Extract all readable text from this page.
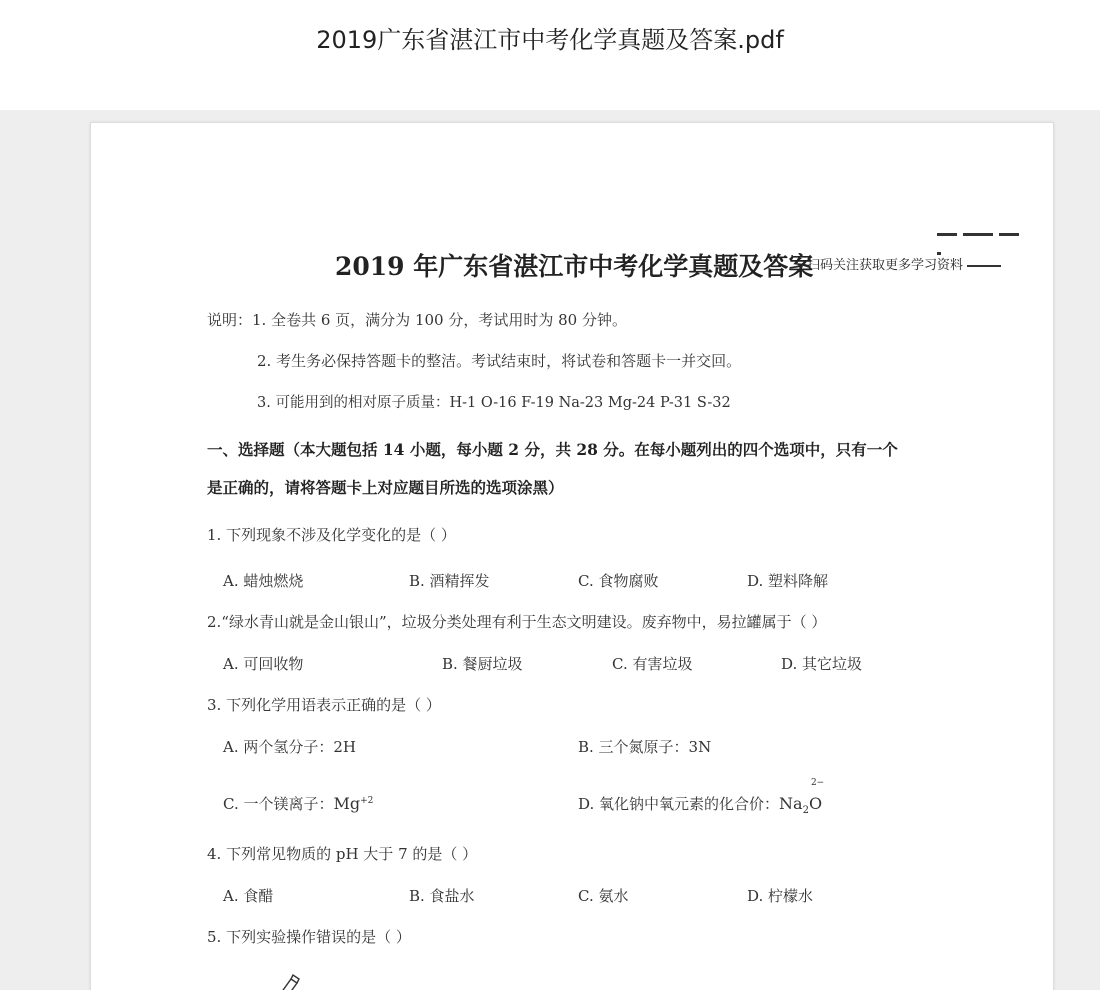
2019广东省湛江市中考化学真题及答案.pdf
2019 年广东省湛江市中考化学真题及答案
扫码关注获取更多学习资料
说明：1. 全卷共 6 页，满分为 100 分，考试用时为 80 分钟。
2. 考生务必保持答题卡的整洁。考试结束时，将试卷和答题卡一并交回。
3. 可能用到的相对原子质量：H-1 O-16 F-19 Na-23 Mg-24 P-31 S-32
一、选择题（本大题包括 14 小题，每小题 2 分，共 28 分。在每小题列出的四个选项中，只有一个
是正确的，请将答题卡上对应题目所选的选项涂黑）
1. 下列现象不涉及化学变化的是（ ）
A. 蜡烛燃烧	B. 酒精挥发	C. 食物腐败	D. 塑料降解
2.“绿水青山就是金山银山”，垃圾分类处理有利于生态文明建设。废弃物中，易拉罐属于（ ）
A. 可回收物	B. 餐厨垃圾	C. 有害垃圾	D. 其它垃圾
3. 下列化学用语表示正确的是（ ）
A. 两个氢分子：2H	B. 三个氮原子：3N
C. 一个镁离子：$Mg^{+2}$	D. 氧化钠中氧元素的化合价：$Na_2$
2−
O
4. 下列常见物质的 pH 大于 7 的是（ ）
A. 食醋	B. 食盐水	C. 氨水	D. 柠檬水
5. 下列实验操作错误的是（ ）
